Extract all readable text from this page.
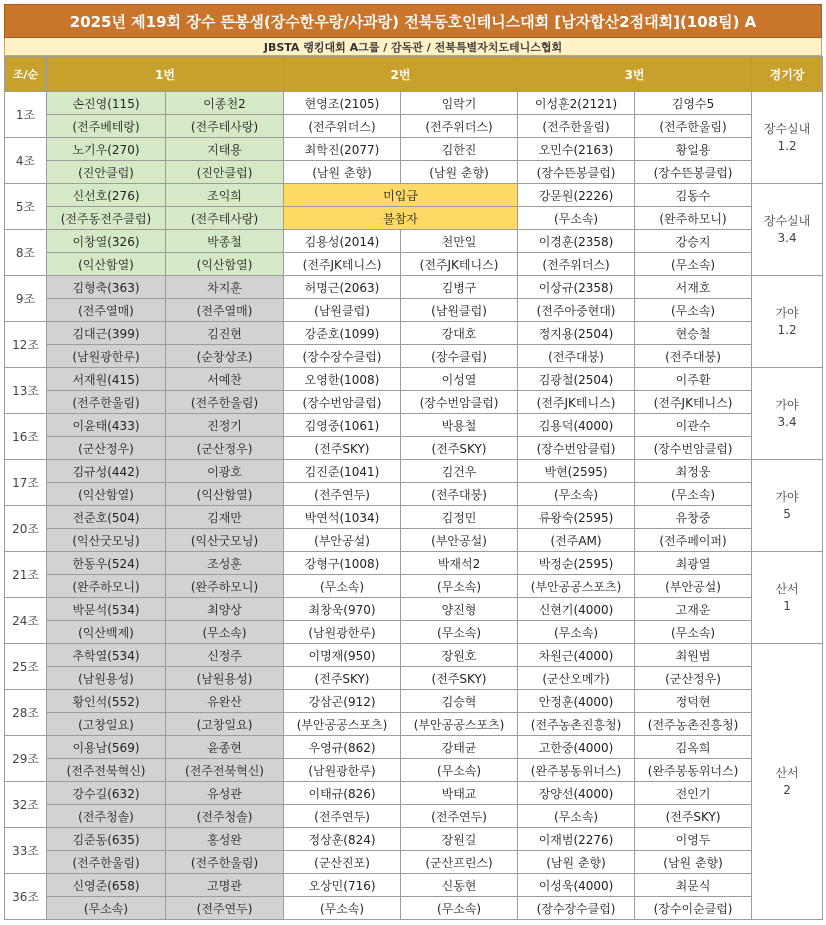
2025년 제19회 장수 뜬봉샘(장수한우랑/사과랑) 전북동호인테니스대회 [남자합산2점대회](108팀) A
JBSTA 랭킹대회 A그룹 / 감독관 / 전북특별자치도테니스협회
조/순	1번		2번		3번		경기장
1조	손진영(115)	이종천2	현영조(2105)	임락기	이성훈2(2121)	김영수5	장수실내
1.2

	(전주베테랑)	(전주테사랑)	(전주위더스)	(전주위더스)	(전주한울림)	(전주한울림)	
4조	노기우(270)	지태용	최학진(2077)	김한진	오민수(2163)	황일용	
	(진안클럽)	(진안클럽)	(남원 춘향)	(남원 춘향)	(장수뜬봉클럽)	(장수뜬봉클럽)	
5조	신선호(276)	조익희	미입금		강문원(2226)	김동수	장수실내
3.4

	(전주동전주클럽)	(전주테사랑)	불참자		(무소속)	(완주하모니)	
8조	이창열(326)	박종철	김용성(2014)	천만일	이경훈(2358)	강승지	
	(익산함열)	(익산함열)	(전주JK테니스)	(전주JK테니스)	(전주위더스)	(무소속)	
9조	김형축(363)	차지훈	허명근(2063)	김병구	이상규(2358)	서재호	가야
1.2

	(전주열매)	(전주열매)	(남원클럽)	(남원클럽)	(전주아중현대)	(무소속)	
12조	김대근(399)	김진현	강준호(1099)	강대호	정지용(2504)	현승철	
	(남원광한루)	(순창상조)	(장수장수클럽)	(장수클럽)	(전주대붕)	(전주대붕)	
13조	서재원(415)	서예찬	오영한(1008)	이성열	김광철(2504)	이주환	가야
3.4

	(전주한울림)	(전주한울림)	(장수번암클럽)	(장수번암클럽)	(전주JK테니스)	(전주JK테니스)	
16조	이윤태(433)	진정기	김영중(1061)	박용철	김용덕(4000)	이관수	
	(군산정우)	(군산정우)	(전주SKY)	(전주SKY)	(장수번암클럽)	(장수번암클럽)	
17조	김규성(442)	이광호	김진준(1041)	김건우	박현(2595)	최정웅	가야
5

	(익산함열)	(익산함열)	(전주연두)	(전주대붕)	(무소속)	(무소속)	
20조	전준호(504)	김재만	박연석(1034)	김정민	류왕숙(2595)	유창중	
	(익산굿모닝)	(익산굿모닝)	(부안공설)	(부안공설)	(전주AM)	(전주페이퍼)	
21조	한동우(524)	조성훈	강형구(1008)	박재석2	박정순(2595)	최광열	산서
1

	(완주하모니)	(완주하모니)	(무소속)	(무소속)	(부안공공스포츠)	(부안공설)	
24조	박문석(534)	최양상	최창욱(970)	양진형	신현기(4000)	고재운	
	(익산백제)	(무소속)	(남원광한루)	(무소속)	(무소속)	(무소속)	
25조	추학열(534)	신정주	이명재(950)	장원호	차원근(4000)	최원범	산서
2

	(남원용성)	(남원용성)	(전주SKY)	(전주SKY)	(군산오메가)	(군산정우)	
28조	황인석(552)	유완산	강삼곤(912)	김승혁	안정훈(4000)	정덕현	
	(고창일요)	(고창일요)	(부안공공스포츠)	(부안공공스포츠)	(전주농촌진흥청)	(전주농촌진흥청)	
29조	이용남(569)	윤종현	우영규(862)	강태균	고한중(4000)	김옥희	
	(전주전북혁신)	(전주전북혁신)	(남원광한루)	(무소속)	(완주봉동위너스)	(완주봉동위너스)	
32조	강수길(632)	유성관	이태규(826)	박태교	장양선(4000)	전인기	
	(전주청솔)	(전주청솔)	(전주연두)	(전주연두)	(무소속)	(전주SKY)	
33조	김준동(635)	홍성완	정상훈(824)	장원길	이재범(2276)	이영두	
	(전주한울림)	(전주한울림)	(군산진포)	(군산프린스)	(남원 춘향)	(남원 춘향)	
36조	신영준(658)	고명관	오상민(716)	신동현	이성욱(4000)	최문식	
	(무소속)	(전주연두)	(무소속)	(무소속)	(장수장수클럽)	(장수이순클럽)	
